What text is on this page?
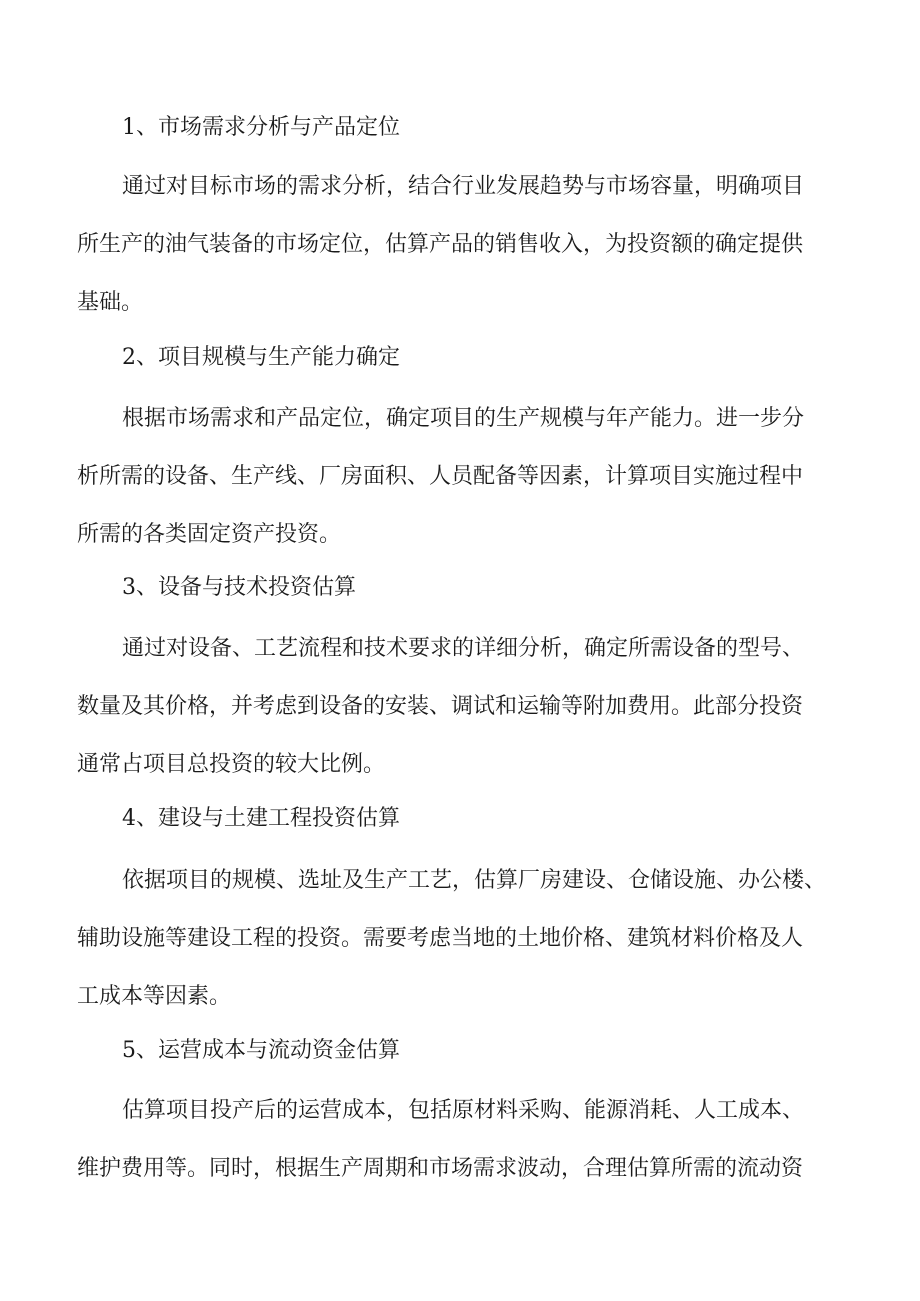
1、市场需求分析与产品定位
通过对目标市场的需求分析，结合行业发展趋势与市场容量，明确项目
所生产的油气装备的市场定位，估算产品的销售收入，为投资额的确定提供
基础。
2、项目规模与生产能力确定
根据市场需求和产品定位，确定项目的生产规模与年产能力。进一步分
析所需的设备、生产线、厂房面积、人员配备等因素，计算项目实施过程中
所需的各类固定资产投资。
3、设备与技术投资估算
通过对设备、工艺流程和技术要求的详细分析，确定所需设备的型号、
数量及其价格，并考虑到设备的安装、调试和运输等附加费用。此部分投资
通常占项目总投资的较大比例。
4、建设与土建工程投资估算
依据项目的规模、选址及生产工艺，估算厂房建设、仓储设施、办公楼、
辅助设施等建设工程的投资。需要考虑当地的土地价格、建筑材料价格及人
工成本等因素。
5、运营成本与流动资金估算
估算项目投产后的运营成本，包括原材料采购、能源消耗、人工成本、
维护费用等。同时，根据生产周期和市场需求波动，合理估算所需的流动资
